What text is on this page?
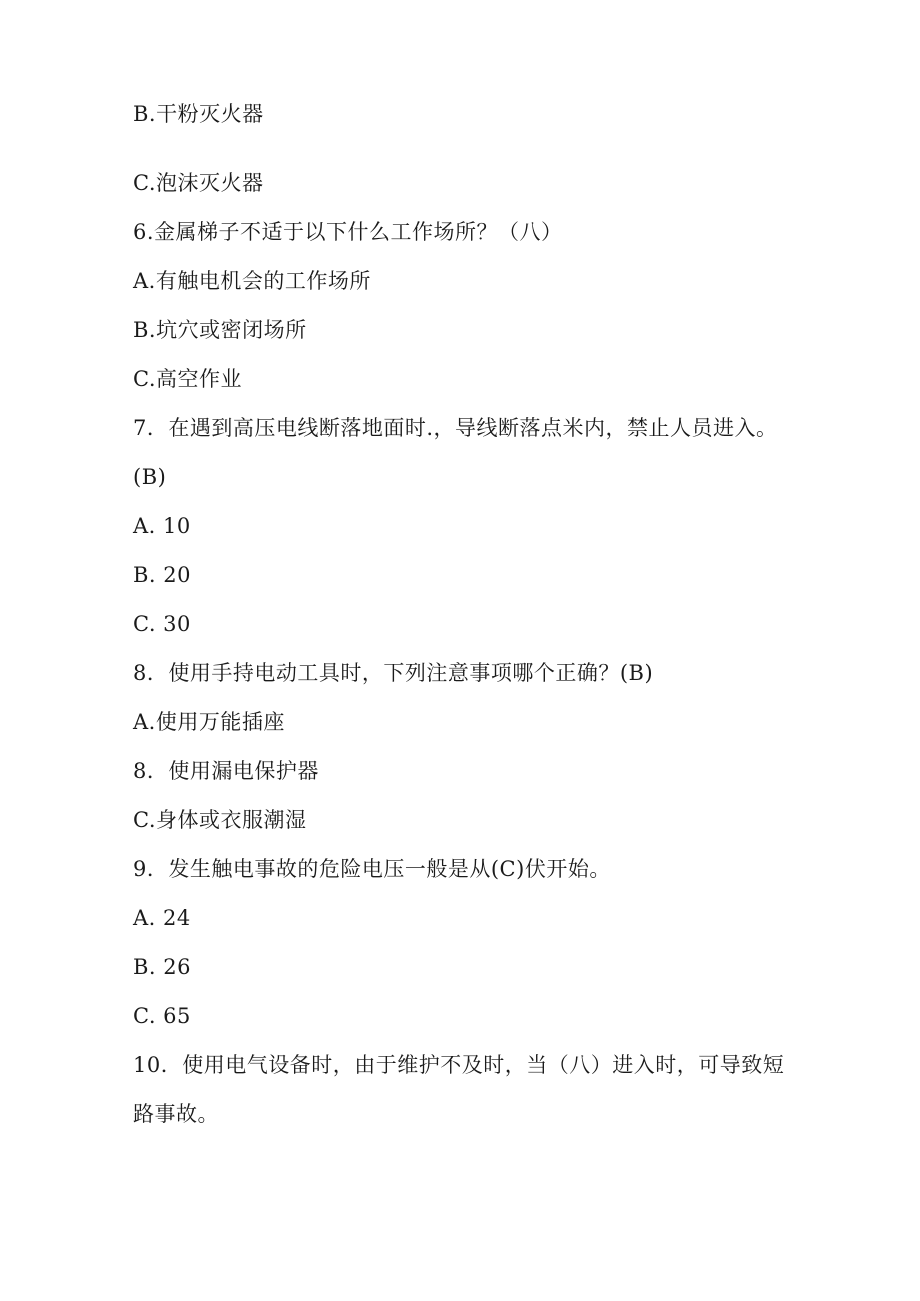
B.干粉灭火器
C.泡沫灭火器
6.金属梯子不适于以下什么工作场所？（八）
A.有触电机会的工作场所
B.坑穴或密闭场所
C.高空作业
7．在遇到高压电线断落地面时.，导线断落点米内，禁止人员进入。
(B)
A. 10
B. 20
C. 30
8．使用手持电动工具时，下列注意事项哪个正确？(B)
A.使用万能插座
8．使用漏电保护器
C.身体或衣服潮湿
9．发生触电事故的危险电压一般是从(C)伏开始。
A. 24
B. 26
C. 65
10．使用电气设备时，由于维护不及时，当（八）进入时，可导致短
路事故。
